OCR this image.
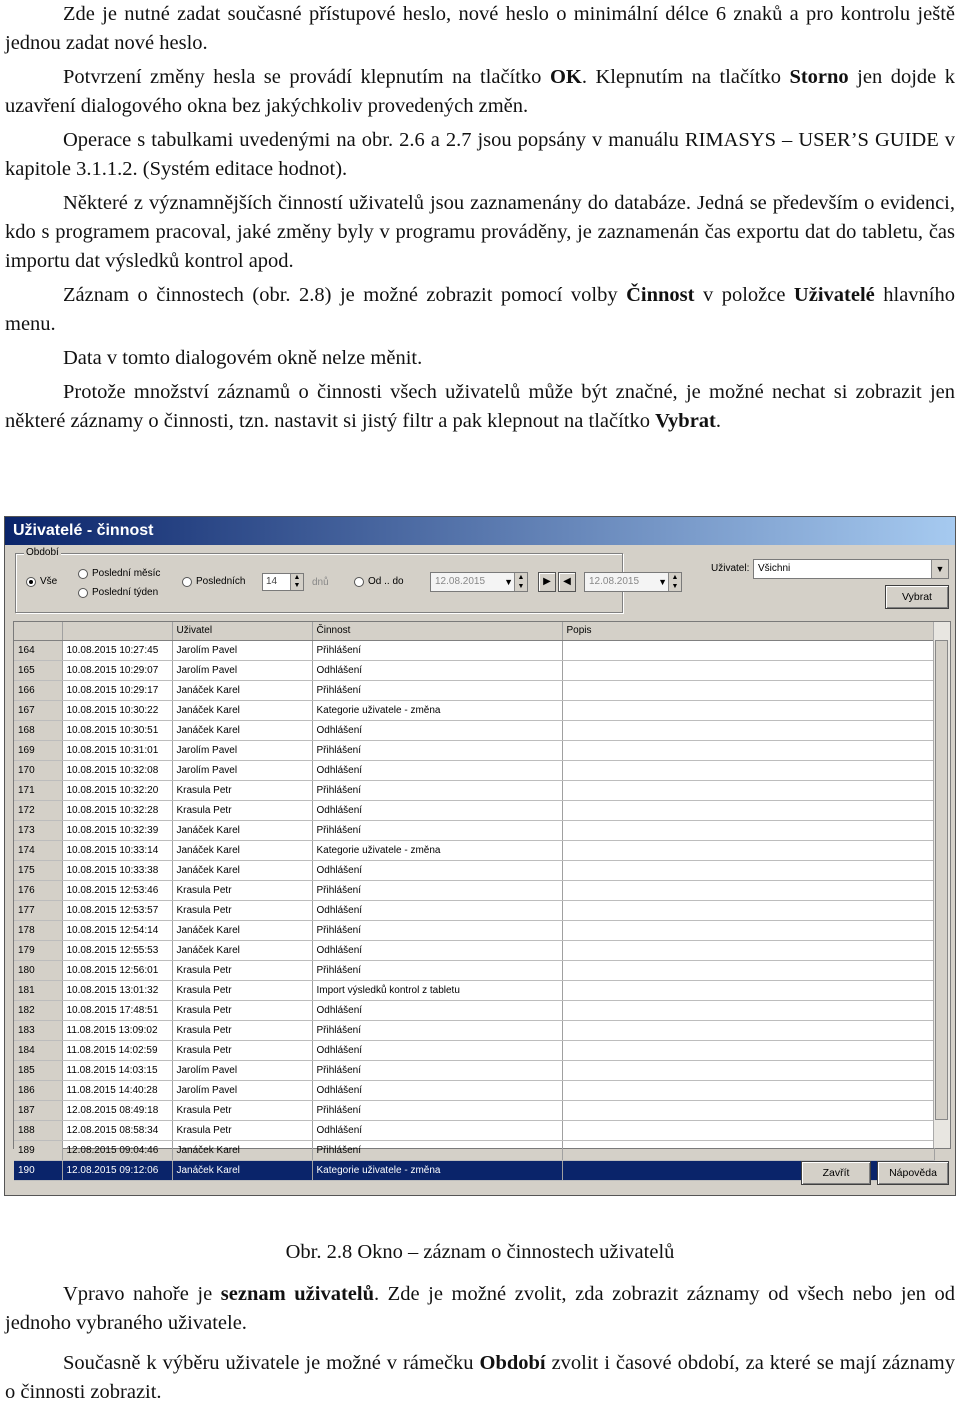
Zde je nutné zadat současné přístupové heslo, nové heslo o minimální délce 6 znaků a pro kontrolu ještě jednou zadat nové heslo.

Potvrzení změny hesla se provádí klepnutím na tlačítko OK. Klepnutím na tlačítko Storno jen dojde k uzavření dialogového okna bez jakýchkoliv provedených změn.

Operace s tabulkami uvedenými na obr. 2.6 a 2.7 jsou popsány v manuálu RIMASYS – USER’S GUIDE v kapitole 3.1.1.2. (Systém editace hodnot).

Některé z významnějších činností uživatelů jsou zaznamenány do databáze. Jedná se především o evidenci, kdo s programem pracoval, jaké změny byly v programu prováděny, je zaznamenán čas exportu dat do tabletu, čas importu dat výsledků kontrol apod.

Záznam o činnostech (obr. 2.8) je možné zobrazit pomocí volby Činnost v položce Uživatelé hlavního menu.

Data v tomto dialogovém okně nelze měnit.

Protože množství záznamů o činnosti všech uživatelů může být značné, je možné nechat si zobrazit jen některé záznamy o činnosti, tzn. nastavit si jistý filtr a pak klepnout na tlačítko Vybrat.

Uživatelé - činnost
Období
Vše
Poslední měsíc
Poslední týden
Posledních 14	▲
▼ dnů	Od .. do	12.08.2015 ▼ ▲
▼	▶	◀	12.08.2015 ▼ ▲
▼
Uživatel: Všichni	▼
Vybrat
		Uživatel	Činnost	Popis
164	10.08.2015 10:27:45	Jarolím Pavel	Přihlášení	
165	10.08.2015 10:29:07	Jarolím Pavel	Odhlášení	
166	10.08.2015 10:29:17	Janáček Karel	Přihlášení	
167	10.08.2015 10:30:22	Janáček Karel	Kategorie uživatele - změna	
168	10.08.2015 10:30:51	Janáček Karel	Odhlášení	
169	10.08.2015 10:31:01	Jarolím Pavel	Přihlášení	
170	10.08.2015 10:32:08	Jarolím Pavel	Odhlášení	
171	10.08.2015 10:32:20	Krasula Petr	Přihlášení	
172	10.08.2015 10:32:28	Krasula Petr	Odhlášení	
173	10.08.2015 10:32:39	Janáček Karel	Přihlášení	
174	10.08.2015 10:33:14	Janáček Karel	Kategorie uživatele - změna	
175	10.08.2015 10:33:38	Janáček Karel	Odhlášení	
176	10.08.2015 12:53:46	Krasula Petr	Přihlášení	
177	10.08.2015 12:53:57	Krasula Petr	Odhlášení	
178	10.08.2015 12:54:14	Janáček Karel	Přihlášení	
179	10.08.2015 12:55:53	Janáček Karel	Odhlášení	
180	10.08.2015 12:56:01	Krasula Petr	Přihlášení	
181	10.08.2015 13:01:32	Krasula Petr	Import výsledků kontrol z tabletu	
182	10.08.2015 17:48:51	Krasula Petr	Odhlášení	
183	11.08.2015 13:09:02	Krasula Petr	Přihlášení	
184	11.08.2015 14:02:59	Krasula Petr	Odhlášení	
185	11.08.2015 14:03:15	Jarolím Pavel	Přihlášení	
186	11.08.2015 14:40:28	Jarolím Pavel	Odhlášení	
187	12.08.2015 08:49:18	Krasula Petr	Přihlášení	
188	12.08.2015 08:58:34	Krasula Petr	Odhlášení	
189	12.08.2015 09:04:46	Janáček Karel	Přihlášení	
190	12.08.2015 09:12:06	Janáček Karel	Kategorie uživatele - změna		Zavřít	Nápověda
Obr. 2.8 Okno – záznam o činnostech uživatelů

Vpravo nahoře je seznam uživatelů. Zde je možné zvolit, zda zobrazit záznamy od všech nebo jen od jednoho vybraného uživatele.

Současně k výběru uživatele je možné v rámečku Období zvolit i časové období, za které se mají záznamy o činnosti zobrazit.
